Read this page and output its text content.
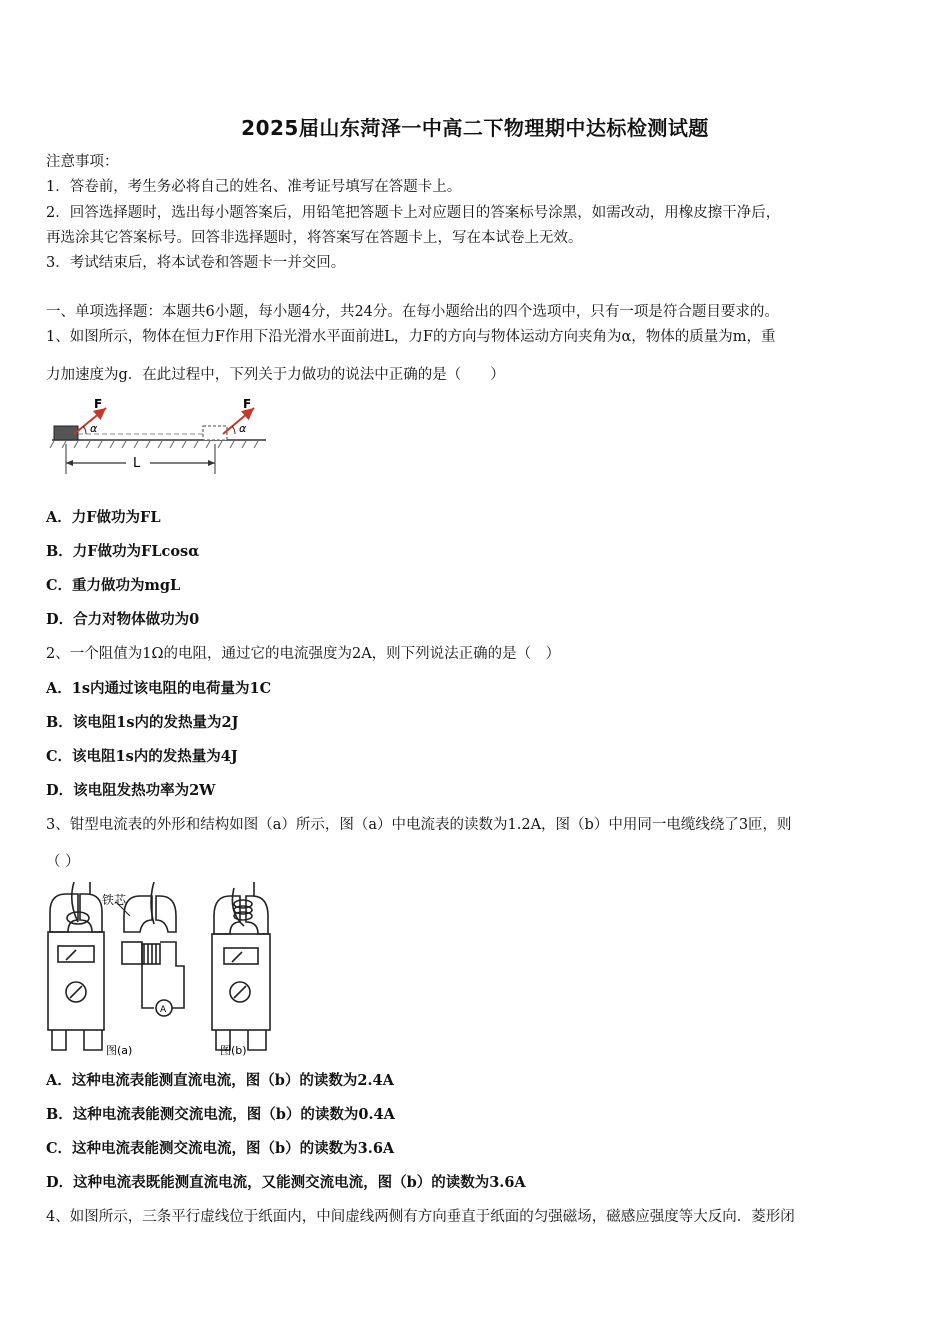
2025届山东菏泽一中高二下物理期中达标检测试题
注意事项：
1．答卷前，考生务必将自己的姓名、准考证号填写在答题卡上。
2．回答选择题时，选出每小题答案后，用铅笔把答题卡上对应题目的答案标号涂黑，如需改动，用橡皮擦干净后，
再选涂其它答案标号。回答非选择题时，将答案写在答题卡上，写在本试卷上无效。
3．考试结束后，将本试卷和答题卡一并交回。
一、单项选择题：本题共6小题，每小题4分，共24分。在每小题给出的四个选项中，只有一项是符合题目要求的。
1、如图所示，物体在恒力F作用下沿光滑水平面前进L，力F的方向与物体运动方向夹角为α，物体的质量为m，重
力加速度为g．在此过程中，下列关于力做功的说法中正确的是（　　）
F	F
α	α
L
A．力F做功为FL
B．力F做功为FLcosα
C．重力做功为mgL
D．合力对物体做功为0
2、一个阻值为1Ω的电阻，通过它的电流强度为2A，则下列说法正确的是（　）
A．1s内通过该电阻的电荷量为1C
B．该电阻1s内的发热量为2J
C．该电阻1s内的发热量为4J
D．该电阻发热功率为2W
3、钳型电流表的外形和结构如图（a）所示，图（a）中电流表的读数为1.2A，图（b）中用同一电缆线绕了3匝，则
（ ）
铁芯
A
图(a)	图(b)
A．这种电流表能测直流电流，图（b）的读数为2.4A
B．这种电流表能测交流电流，图（b）的读数为0.4A
C．这种电流表能测交流电流，图（b）的读数为3.6A
D．这种电流表既能测直流电流，又能测交流电流，图（b）的读数为3.6A
4、如图所示，三条平行虚线位于纸面内，中间虚线两侧有方向垂直于纸面的匀强磁场，磁感应强度等大反向．菱形闭
